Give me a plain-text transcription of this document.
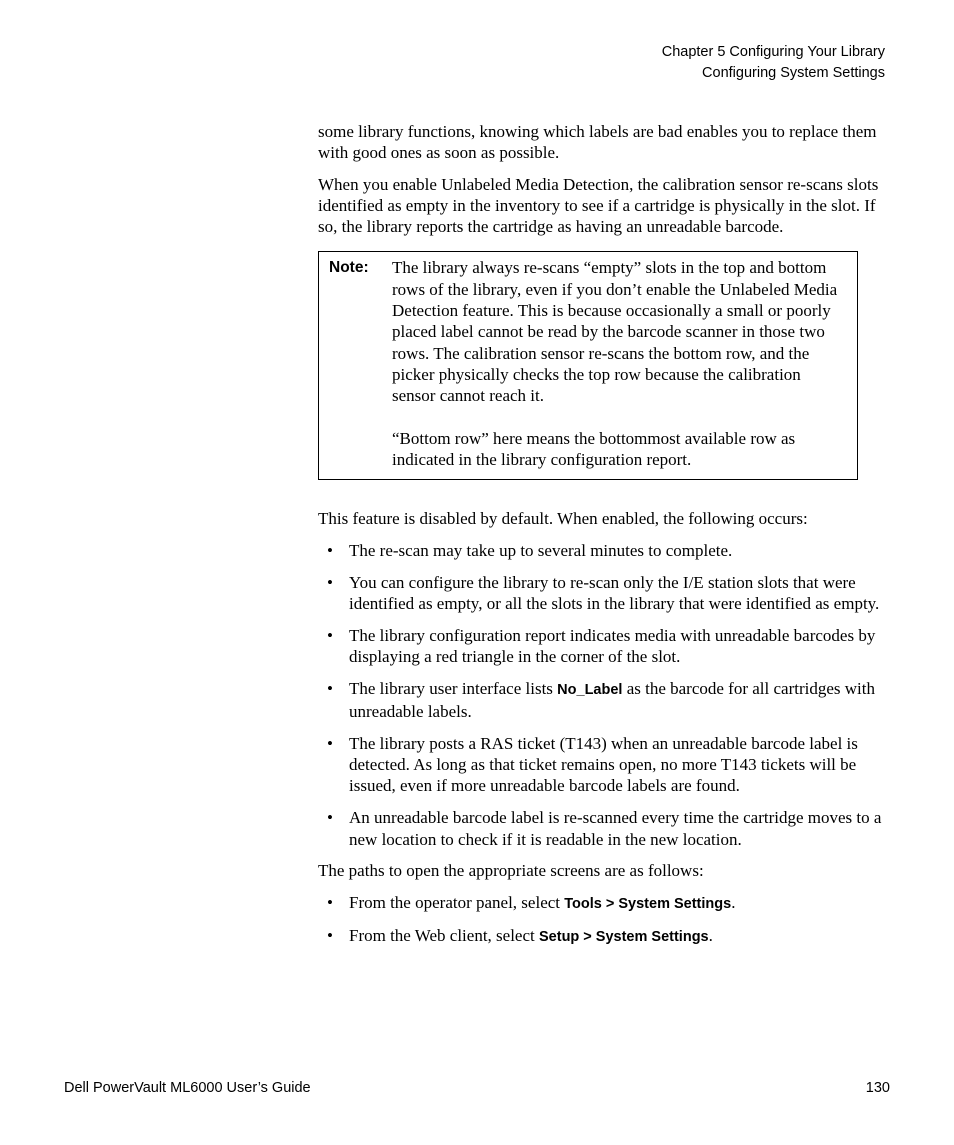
Chapter 5 Configuring Your Library
Configuring System Settings

some library functions, knowing which labels are bad enables you to replace them with good ones as soon as possible.

When you enable Unlabeled Media Detection, the calibration sensor re-scans slots identified as empty in the inventory to see if a cartridge is physically in the slot. If so, the library reports the cartridge as having an unreadable barcode.

Note:	The library always re-scans “empty” slots in the top and bottom rows of the library, even if you don’t enable the Unlabeled Media Detection feature. This is because occasionally a small or poorly placed label cannot be read by the barcode scanner in those two rows. The calibration sensor re-scans the bottom row, and the picker physically checks the top row because the calibration sensor cannot reach it.

“Bottom row” here means the bottommost available row as indicated in the library configuration report.

This feature is disabled by default. When enabled, the following occurs:

• The re-scan may take up to several minutes to complete.
• You can configure the library to re-scan only the I/E station slots that were identified as empty, or all the slots in the library that were identified as empty.
• The library configuration report indicates media with unreadable barcodes by displaying a red triangle in the corner of the slot.
• The library user interface lists No_Label as the barcode for all cartridges with unreadable labels.
• The library posts a RAS ticket (T143) when an unreadable barcode label is detected. As long as that ticket remains open, no more T143 tickets will be issued, even if more unreadable barcode labels are found.
• An unreadable barcode label is re-scanned every time the cartridge moves to a new location to check if it is readable in the new location.

The paths to open the appropriate screens are as follows:

• From the operator panel, select Tools > System Settings.
• From the Web client, select Setup > System Settings.
Dell PowerVault ML6000 User’s Guide	130
